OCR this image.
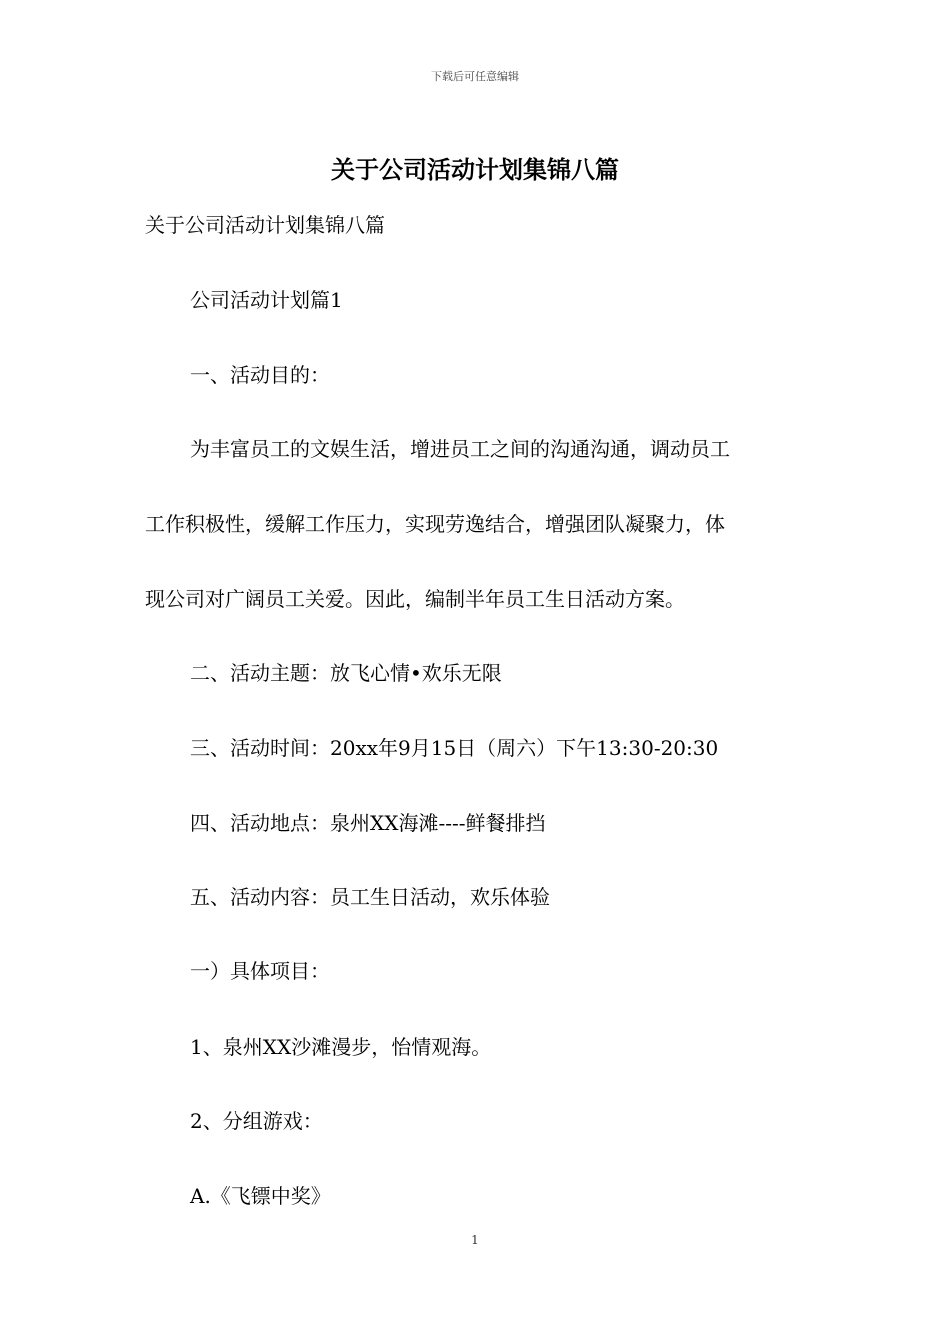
下载后可任意编辑
关于公司活动计划集锦八篇
关于公司活动计划集锦八篇
公司活动计划篇1
一、活动目的：
为丰富员工的文娱生活，增进员工之间的沟通沟通，调动员工
工作积极性，缓解工作压力，实现劳逸结合，增强团队凝聚力，体
现公司对广阔员工关爱。因此，编制半年员工生日活动方案。
二、活动主题：放飞心情•欢乐无限
三、活动时间：20xx年9月15日（周六）下午13:30-20:30
四、活动地点：泉州XX海滩----鲜餐排挡
五、活动内容：员工生日活动，欢乐体验
一）具体项目：
1、泉州XX沙滩漫步，怡情观海。
2、分组游戏：
A.《飞镖中奖》
1
